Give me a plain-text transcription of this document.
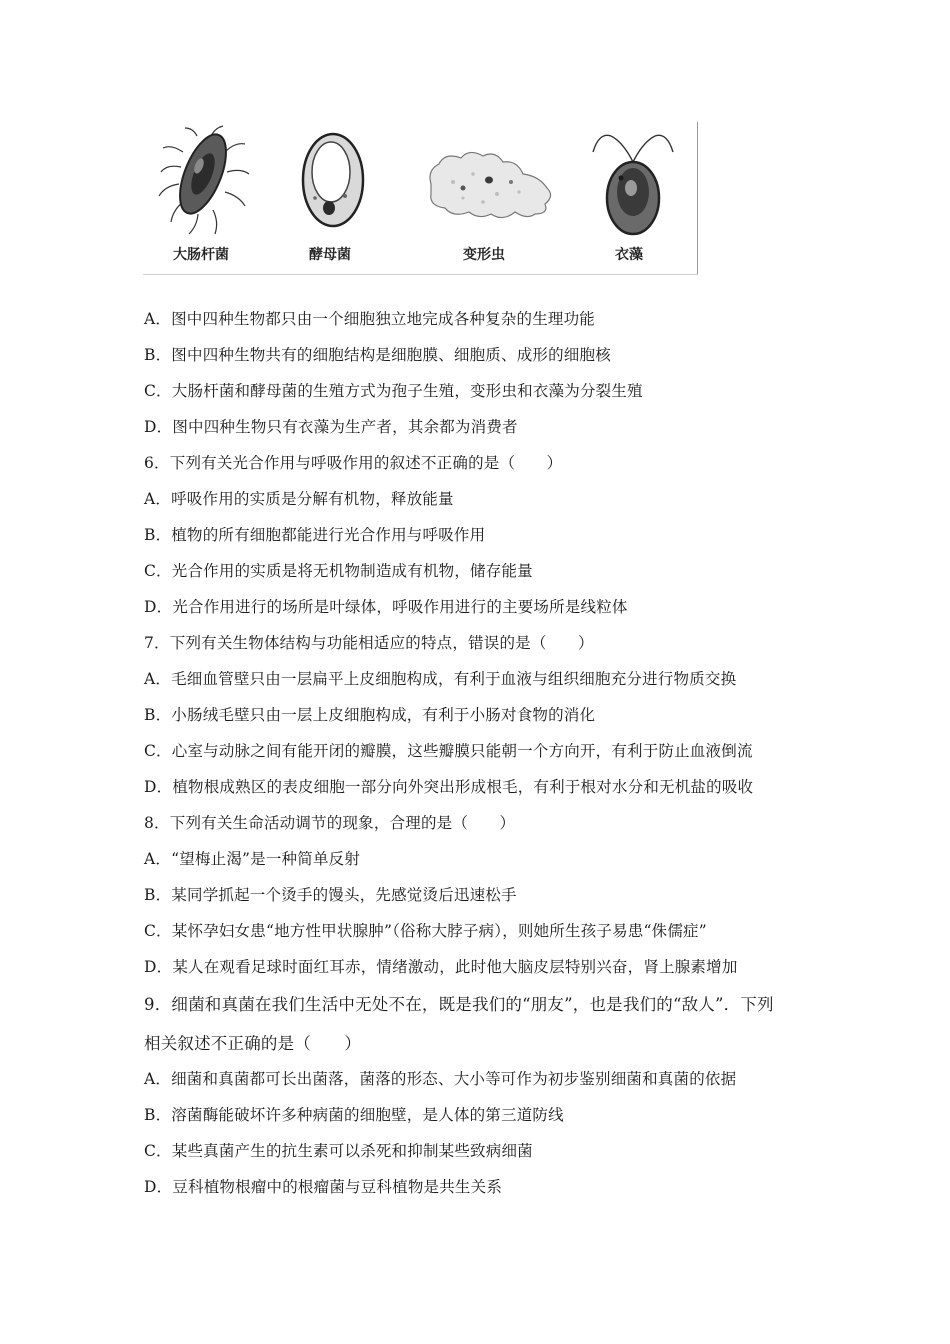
大肠杆菌	酵母菌	变形虫	衣藻
A．图中四种生物都只由一个细胞独立地完成各种复杂的生理功能
B．图中四种生物共有的细胞结构是细胞膜、细胞质、成形的细胞核
C．大肠杆菌和酵母菌的生殖方式为孢子生殖，变形虫和衣藻为分裂生殖
D．图中四种生物只有衣藻为生产者，其余都为消费者
6．下列有关光合作用与呼吸作用的叙述不正确的是（　　）
A．呼吸作用的实质是分解有机物，释放能量
B．植物的所有细胞都能进行光合作用与呼吸作用
C．光合作用的实质是将无机物制造成有机物，储存能量
D．光合作用进行的场所是叶绿体，呼吸作用进行的主要场所是线粒体
7．下列有关生物体结构与功能相适应的特点，错误的是（　　）
A．毛细血管壁只由一层扁平上皮细胞构成，有利于血液与组织细胞充分进行物质交换
B．小肠绒毛壁只由一层上皮细胞构成，有利于小肠对食物的消化
C．心室与动脉之间有能开闭的瓣膜，这些瓣膜只能朝一个方向开，有利于防止血液倒流
D．植物根成熟区的表皮细胞一部分向外突出形成根毛，有利于根对水分和无机盐的吸收
8．下列有关生命活动调节的现象，合理的是（　　）
A．“望梅止渴”是一种简单反射
B．某同学抓起一个烫手的馒头，先感觉烫后迅速松手
C．某怀孕妇女患“地方性甲状腺肿”（俗称大脖子病），则她所生孩子易患“侏儒症”
D．某人在观看足球时面红耳赤，情绪激动，此时他大脑皮层特别兴奋，肾上腺素增加
9．细菌和真菌在我们生活中无处不在，既是我们的“朋友”，也是我们的“敌人”．下列
相关叙述不正确的是（　　）
A．细菌和真菌都可长出菌落，菌落的形态、大小等可作为初步鉴别细菌和真菌的依据
B．溶菌酶能破坏许多种病菌的细胞壁，是人体的第三道防线
C．某些真菌产生的抗生素可以杀死和抑制某些致病细菌
D．豆科植物根瘤中的根瘤菌与豆科植物是共生关系
